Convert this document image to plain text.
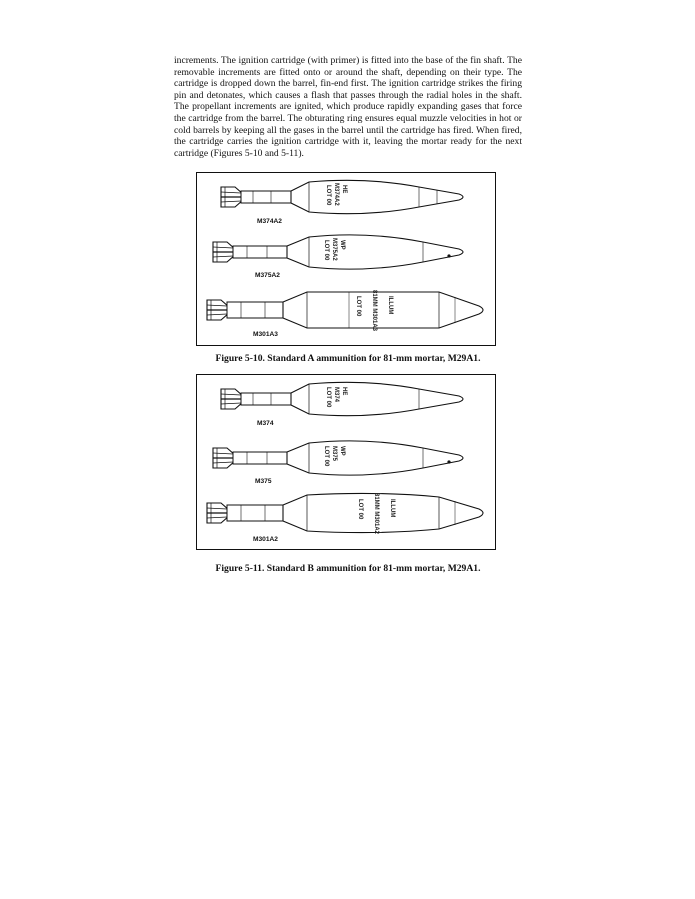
increments. The ignition cartridge (with primer) is fitted into the base of the fin shaft. The removable increments are fitted onto or around the shaft, depending on their type. The cartridge is dropped down the barrel, fin-end first. The ignition cartridge strikes the firing pin and detonates, which causes a flash that passes through the radial holes in the shaft. The propellant increments are ignited, which produce rapidly expanding gases that force the cartridge from the barrel. The obturating ring ensures equal muzzle velocities in hot or cold barrels by keeping all the gases in the barrel until the cartridge has fired. When fired, the cartridge carries the ignition cartridge with it, leaving the mortar ready for the next cartridge (Figures 5-10 and 5-11).

HE
M374A2
LOT 00
M374A2
WP
M375A2
LOT 00
M375A2
ILLUM
81MM M301A3
LOT 00
M301A3

Figure 5-10. Standard A ammunition for 81-mm mortar, M29A1.

HE
M374
LOT 00
M374
WP
M375
LOT 00
M375
ILLUM
81MM M301A2
LOT 00
M301A2

Figure 5-11. Standard B ammunition for 81-mm mortar, M29A1.
